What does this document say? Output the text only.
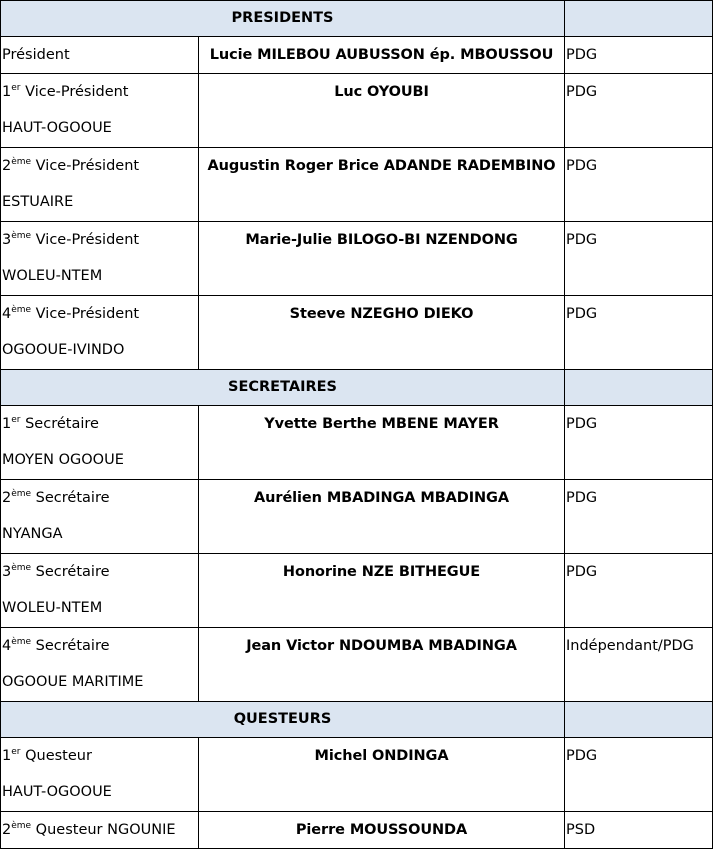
PRESIDENTS		

Président	Lucie MILEBOU AUBUSSON ép. MBOUSSOU	PDG

1er Vice-Président
HAUT-OGOOUE	Luc OYOUBI	PDG

2ème Vice-Président
ESTUAIRE	Augustin Roger Brice ADANDE RADEMBINO	PDG

3ème Vice-Président
WOLEU-NTEM	Marie-Julie BILOGO-BI NZENDONG	PDG

4ème Vice-Président
OGOOUE-IVINDO	Steeve NZEGHO DIEKO	PDG
SECRETAIRES		

1er Secrétaire
MOYEN OGOOUE	Yvette Berthe MBENE MAYER	PDG

2ème Secrétaire
NYANGA	Aurélien MBADINGA MBADINGA	PDG

3ème Secrétaire
WOLEU-NTEM	Honorine NZE BITHEGUE	PDG

4ème Secrétaire
OGOOUE MARITIME	Jean Victor NDOUMBA MBADINGA	Indépendant/PDG
QUESTEURS		

1er Questeur
HAUT-OGOOUE	Michel ONDINGA	PDG

2ème Questeur NGOUNIE	Pierre MOUSSOUNDA	PSD
